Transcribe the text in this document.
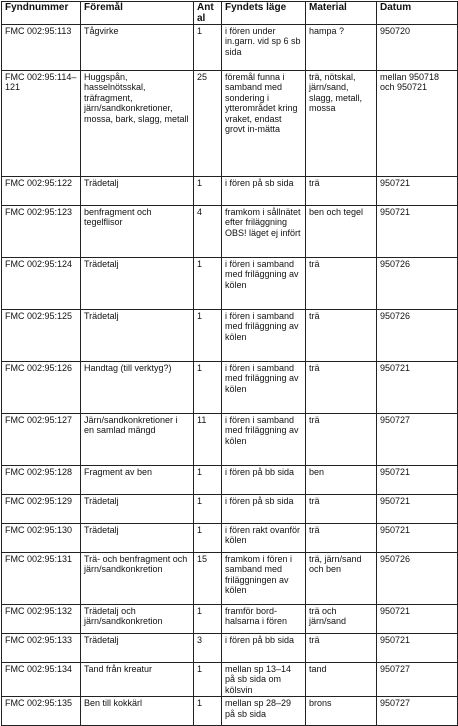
Fyndnummer	Föremål	Antal	Fyndets läge	Material	Datum
FMC 002:95:113	Tågvirke	1	i fören under in.garn. vid sp 6 sb sida	hampa ?	950720
FMC 002:95:114–121	Huggspån, hasselnötsskal, träfragment, järn/sandkonkretioner, mossa, bark, slagg, metall	25	föremål funna i samband med sondering i ytterområdet kring vraket, endast grovt in-mätta	trä, nötskal, järn/sand, slagg, metall, mossa	mellan 950718 och 950721
FMC 002:95:122	Trädetalj	1	i fören på sb sida	trä	950721
FMC 002:95:123	benfragment och tegelflisor	4	framkom i sållnätet efter friläggning OBS! läget ej infört	ben och tegel	950721
FMC 002:95:124	Trädetalj	1	i fören i samband med friläggning av kölen	trä	950726
FMC 002:95:125	Trädetalj	1	i fören i samband med friläggning av kölen	trä	950726
FMC 002:95:126	Handtag (till verktyg?)	1	i fören i samband med friläggning av kölen	trä	950721
FMC 002:95:127	Järn/sandkonkretioner i en samlad mängd	11	i fören i samband med friläggning av kölen	trä	950727
FMC 002:95:128	Fragment av ben	1	i fören på bb sida	ben	950721
FMC 002:95:129	Trädetalj	1	i fören på sb sida	trä	950721
FMC 002:95:130	Trädetalj	1	i fören rakt ovanför kölen	trä	950721
FMC 002:95:131	Trä- och benfragment och järn/sandkonkretion	15	framkom i fören i samband med friläggningen av kölen	trä, järn/sand och ben	950726
FMC 002:95:132	Trädetalj och järn/sandkonkretion	1	framför bord-halsarna i fören	trä och järn/sand	950721
FMC 002:95:133	Trädetalj	3	i fören på bb sida	trä	950721
FMC 002:95:134	Tand från kreatur	1	mellan sp 13–14 på sb sida om kölsvin	tand	950727
FMC 002:95:135	Ben till kokkärl	1	mellan sp 28–29 på sb sida	brons	950727
